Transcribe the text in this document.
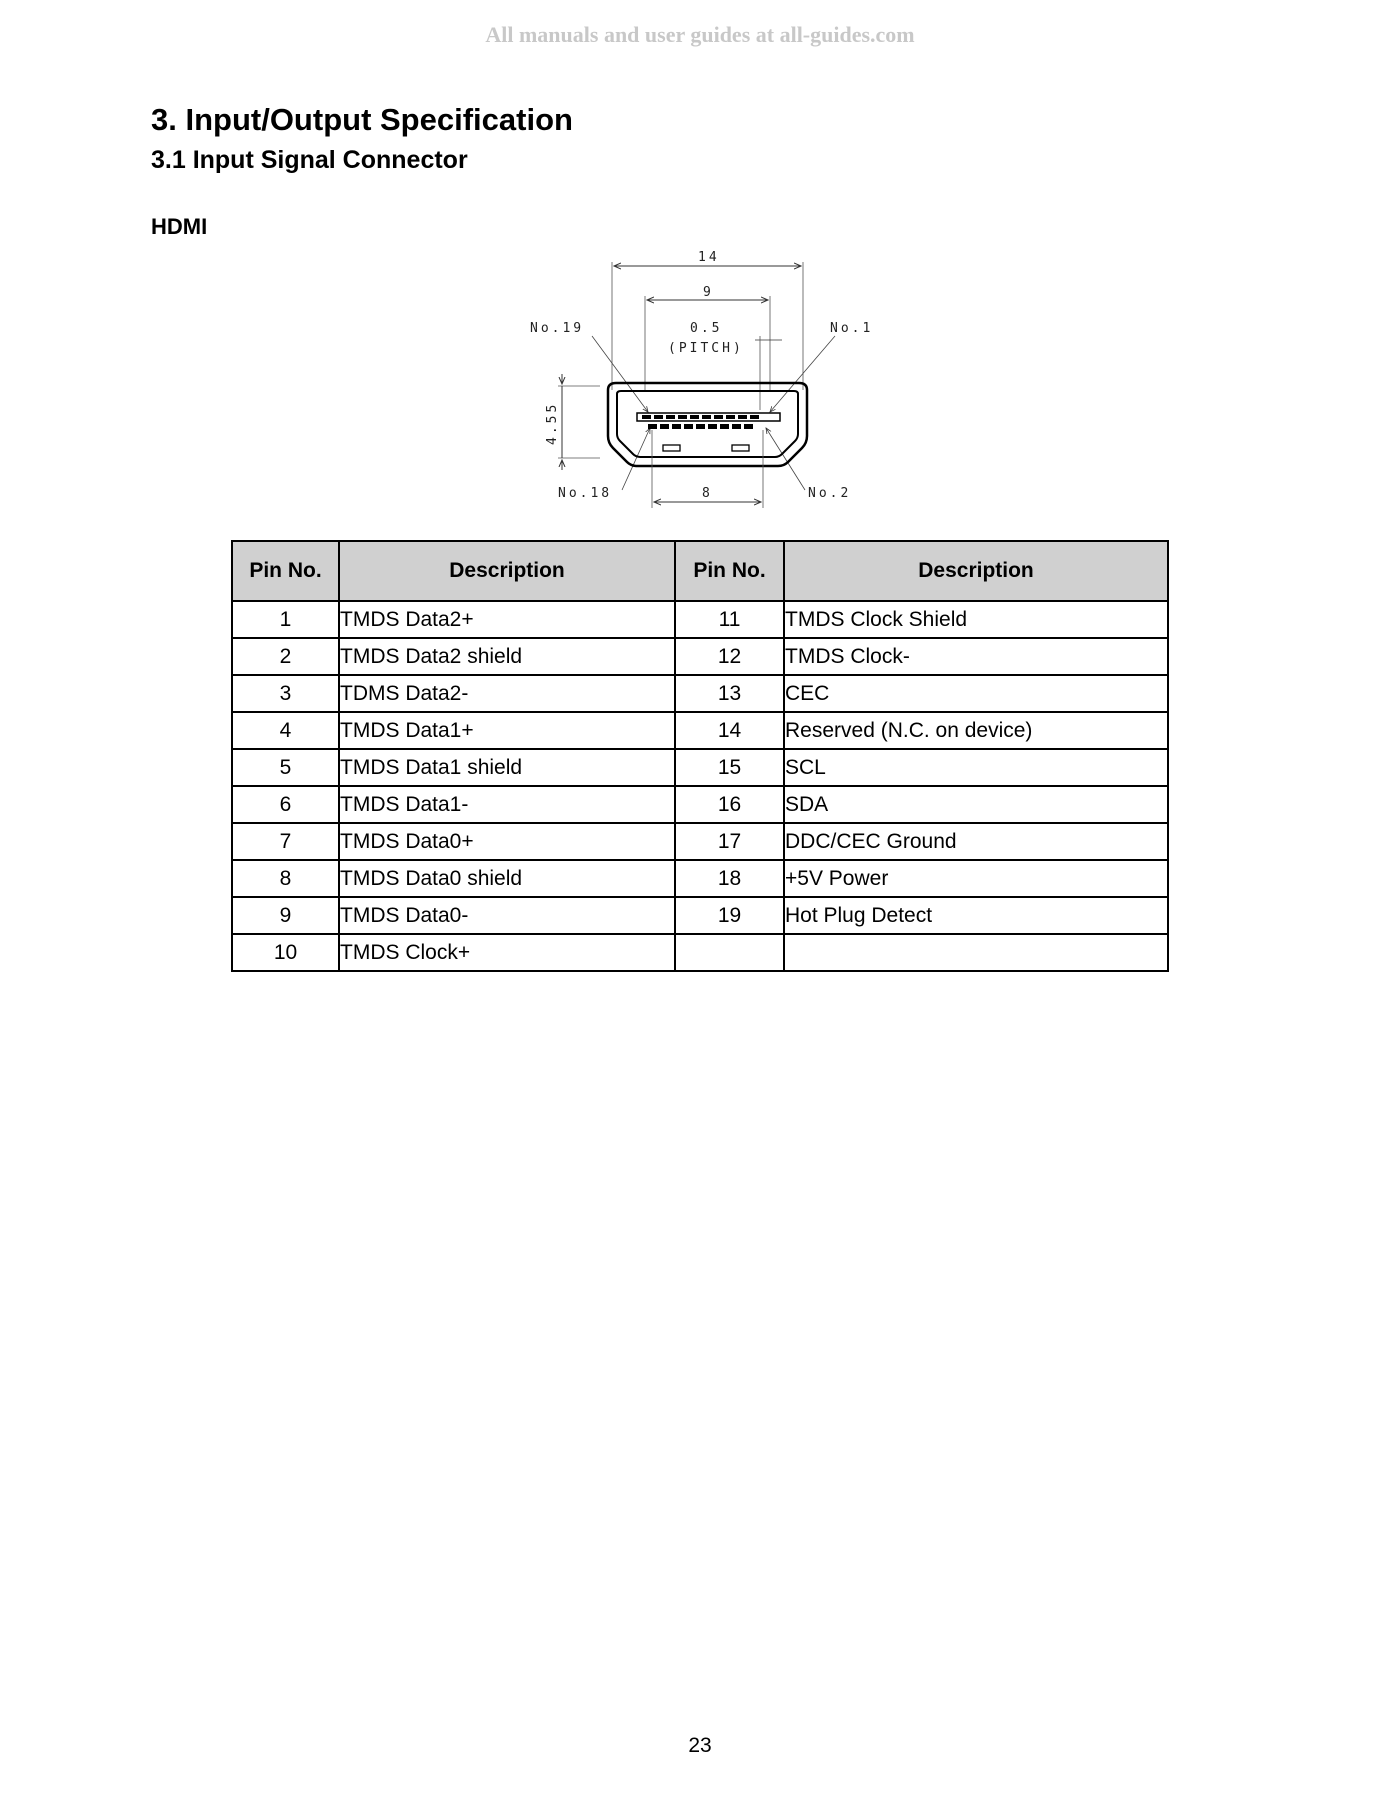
All manuals and user guides at all-guides.com
3. Input/Output Specification
3.1 Input Signal Connector
HDMI
14
9
0.5
(PITCH)
No.19	No.1
No.18	No.2
4.55
8
Pin No.	Description	Pin No.	Description
1	TMDS Data2+	11	TMDS Clock Shield
2	TMDS Data2 shield	12	TMDS Clock-
3	TDMS Data2-	13	CEC
4	TMDS Data1+	14	Reserved (N.C. on device)
5	TMDS Data1 shield	15	SCL
6	TMDS Data1-	16	SDA
7	TMDS Data0+	17	DDC/CEC Ground
8	TMDS Data0 shield	18	+5V Power
9	TMDS Data0-	19	Hot Plug Detect
10	TMDS Clock+		
23
